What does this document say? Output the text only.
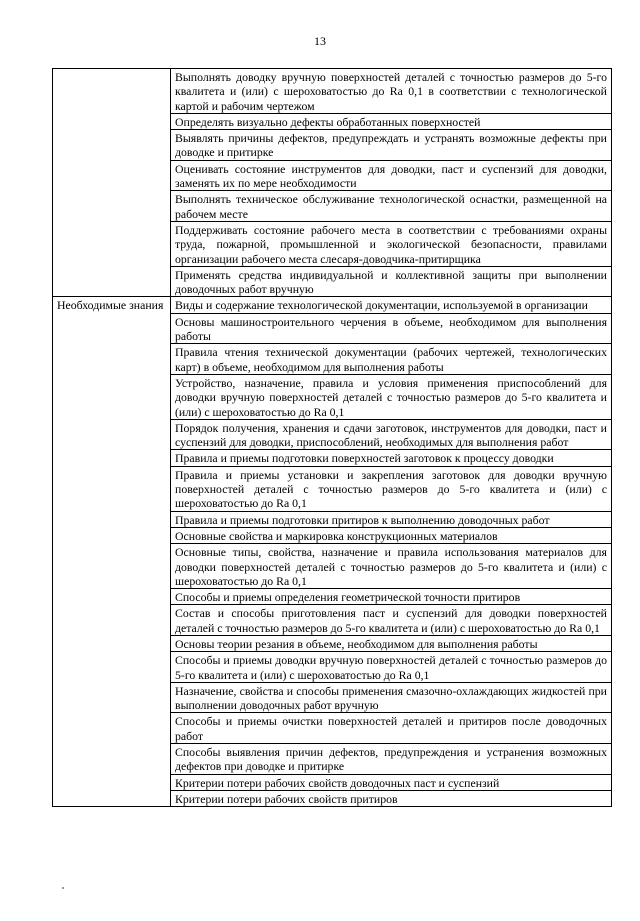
13

	Выполнять доводку вручную поверхностей деталей с точностью размеров до 5-го квалитета и (или) с шероховатостью до Ra 0,1 в соответствии с технологической картой и рабочим чертежом

	Определять визуально дефекты обработанных поверхностей

	Выявлять причины дефектов, предупреждать и устранять возможные дефекты при доводке и притирке

	Оценивать состояние инструментов для доводки, паст и суспензий для доводки, заменять их по мере необходимости

	Выполнять техническое обслуживание технологической оснастки, размещенной на рабочем месте

	Поддерживать состояние рабочего места в соответствии с требованиями охраны труда, пожарной, промышленной и экологической безопасности, правилами организации рабочего места слесаря-доводчика-притирщика

	Применять средства индивидуальной и коллективной защиты при выполнении доводочных работ вручную

Необходимые знания	Виды и содержание технологической документации, используемой в организации

	Основы машиностроительного черчения в объеме, необходимом для выполнения работы

	Правила чтения технической документации (рабочих чертежей, технологических карт) в объеме, необходимом для выполнения работы

	Устройство, назначение, правила и условия применения приспособлений для доводки вручную поверхностей деталей с точностью размеров до 5-го квалитета и (или) с шероховатостью до Ra 0,1

	Порядок получения, хранения и сдачи заготовок, инструментов для доводки, паст и суспензий для доводки, приспособлений, необходимых для выполнения работ

	Правила и приемы подготовки поверхностей заготовок к процессу доводки

	Правила и приемы установки и закрепления заготовок для доводки вручную поверхностей деталей с точностью размеров до 5-го квалитета и (или) с шероховатостью до Ra 0,1

	Правила и приемы подготовки притиров к выполнению доводочных работ

	Основные свойства и маркировка конструкционных материалов

	Основные типы, свойства, назначение и правила использования материалов для доводки поверхностей деталей с точностью размеров до 5-го квалитета и (или) с шероховатостью до Ra 0,1

	Способы и приемы определения геометрической точности притиров

	Состав и способы приготовления паст и суспензий для доводки поверхностей деталей с точностью размеров до 5-го квалитета и (или) с шероховатостью до Ra 0,1

	Основы теории резания в объеме, необходимом для выполнения работы

	Способы и приемы доводки вручную поверхностей деталей с точностью размеров до 5-го квалитета и (или) с шероховатостью до Ra 0,1

	Назначение, свойства и способы применения смазочно-охлаждающих жидкостей при выполнении доводочных работ вручную

	Способы и приемы очистки поверхностей деталей и притиров после доводочных работ

	Способы выявления причин дефектов, предупреждения и устранения возможных дефектов при доводке и притирке

	Критерии потери рабочих свойств доводочных паст и суспензий

	Критерии потери рабочих свойств притиров
